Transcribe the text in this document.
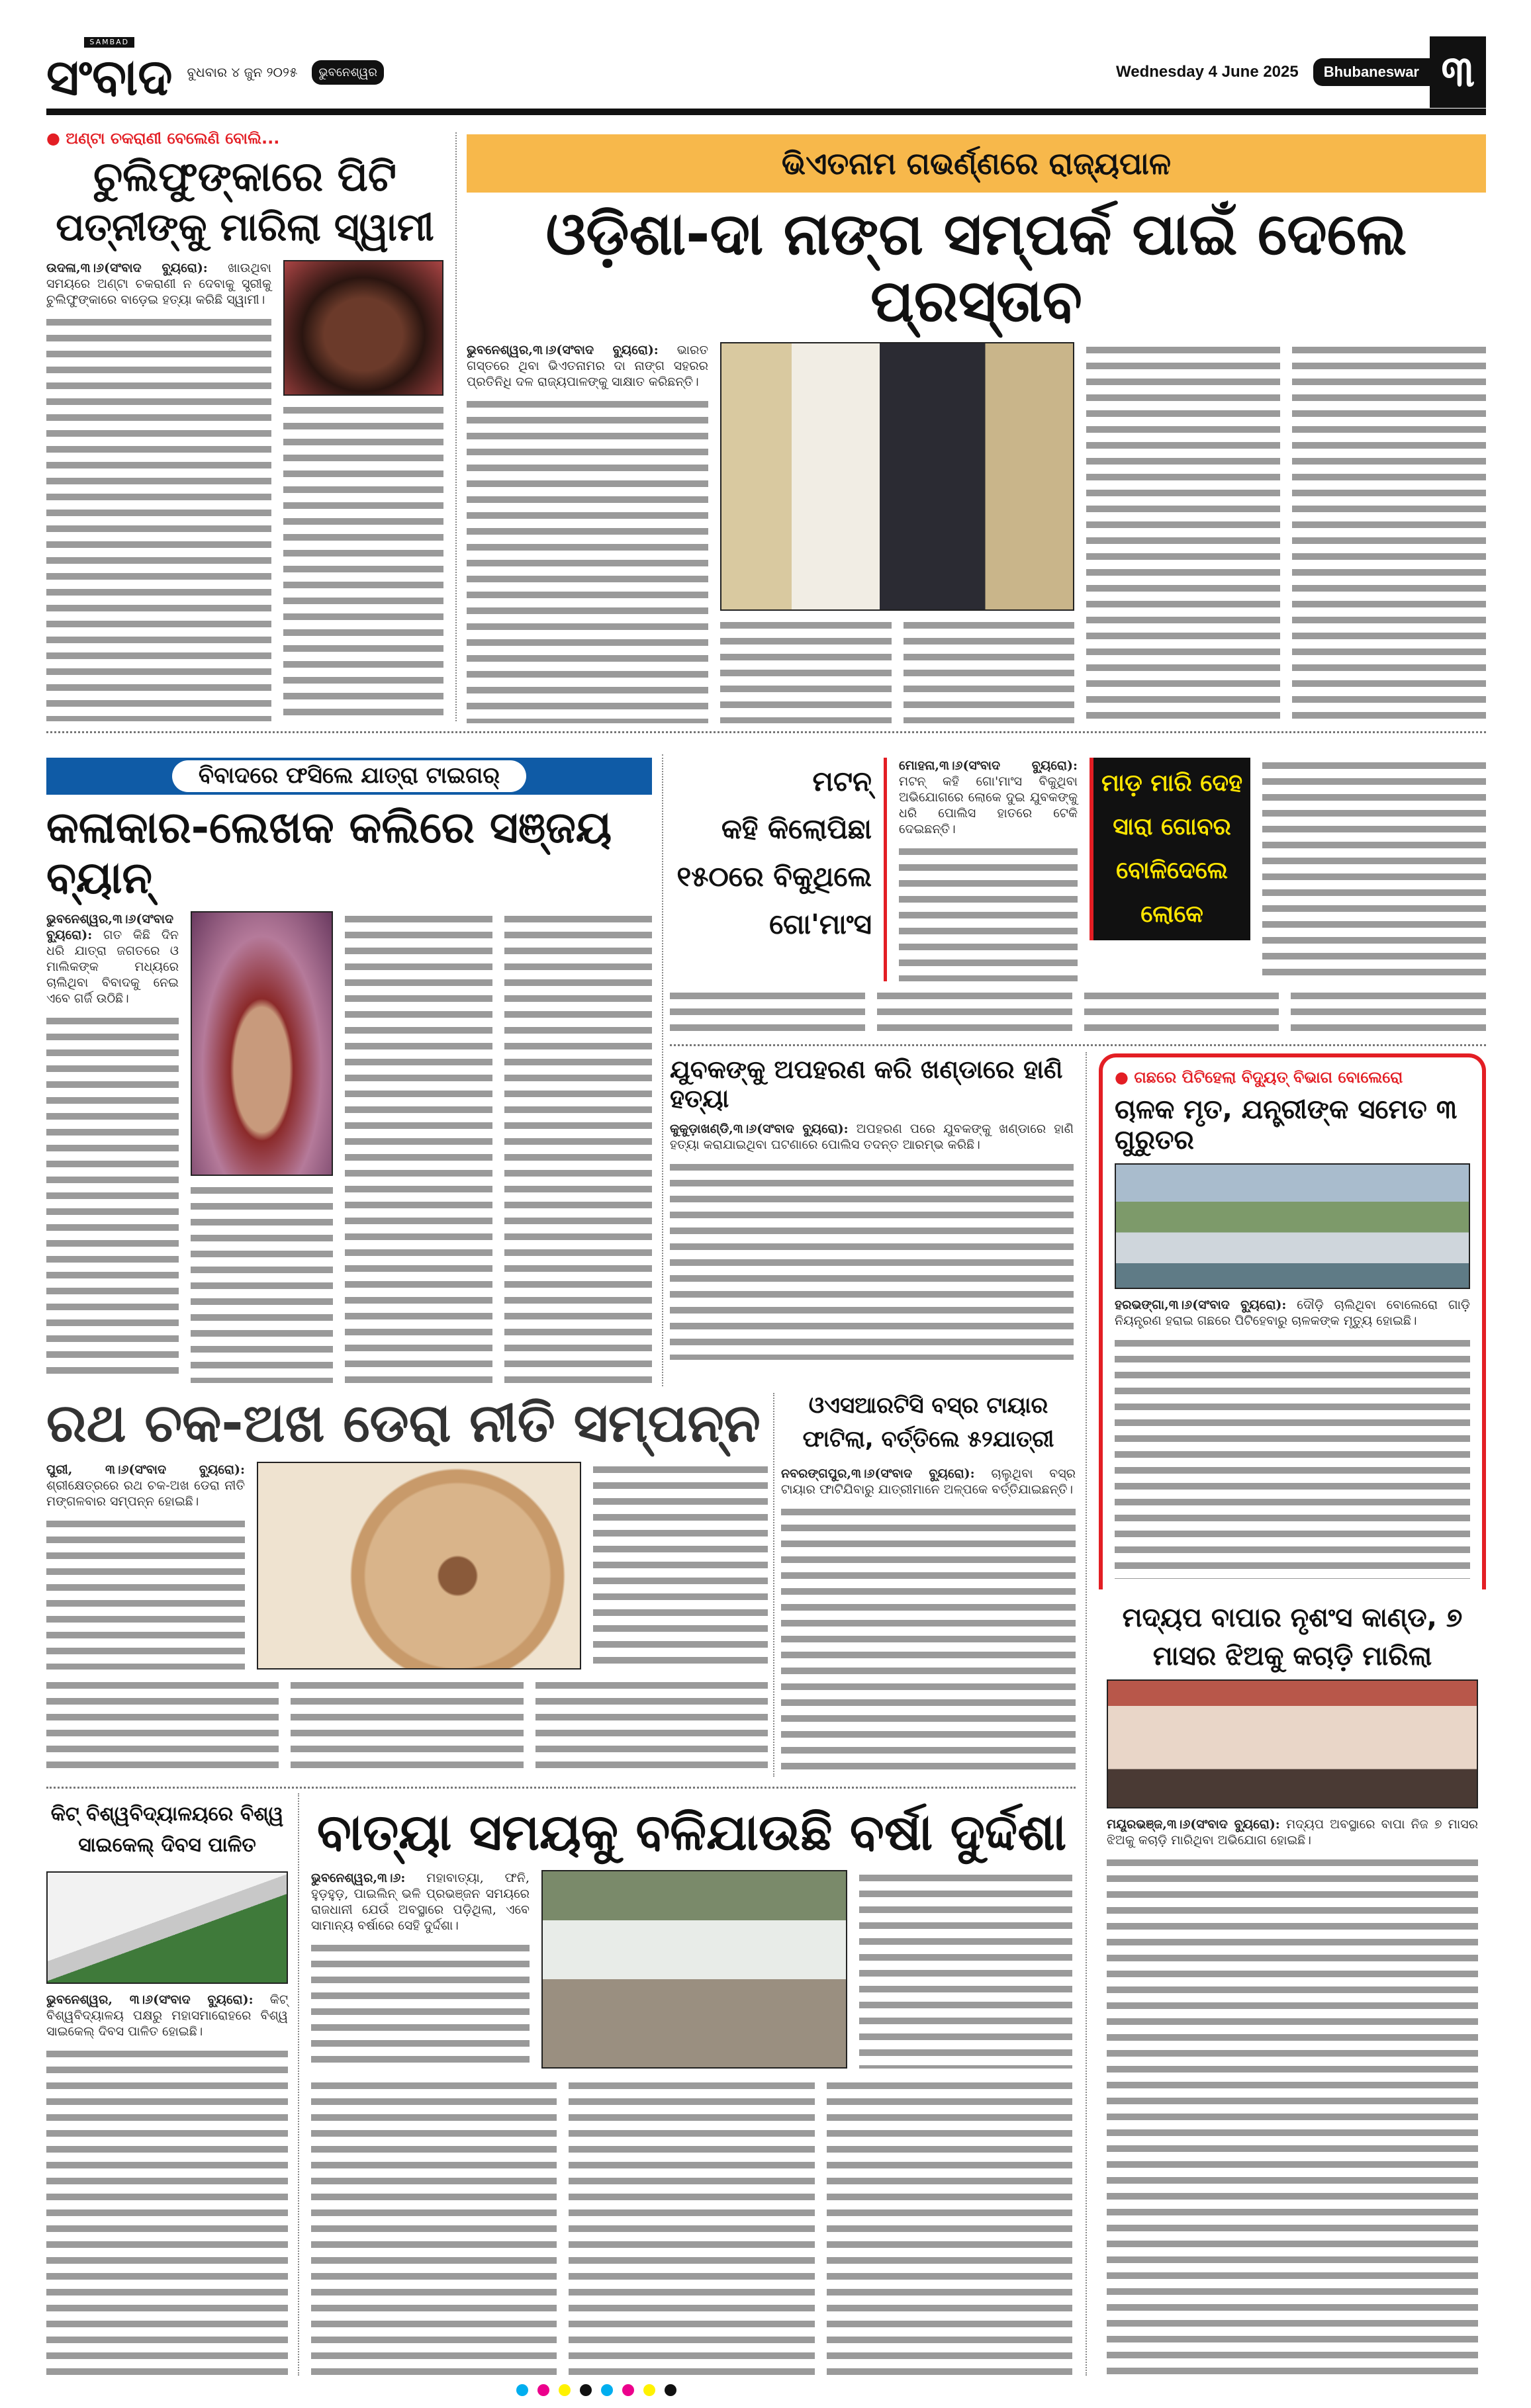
SAMBAD
ସଂବାଦ ବୁଧବାର ୪ ଜୁନ ୨୦୨୫	ଭୁବନେଶ୍ୱର	Wednesday 4 June 2025	Bhubaneswar ୩
● ଅଣ୍ଟା ଚକରାଣୀ ବେଲେଣି ବୋଲି...
ଚୁଲିଫୁଙ୍କାରେ ପିଟି
ପତ୍ନୀଙ୍କୁ ମାରିଲା ସ୍ୱାମୀ
ଉଦଳା,୩।୬(ସଂବାଦ ବ୍ୟୁରୋ): ଖାଉଥିବା ସମୟରେ ଅଣ୍ଟା ଚକରାଣୀ ନ ଦେବାକୁ ସ୍ତ୍ରୀକୁ ଚୁଲିଫୁଙ୍କାରେ ବାଡ଼େଇ ହତ୍ୟା କରିଛି ସ୍ୱାମୀ।
ଭିଏତନାମ ଗଭର୍ଣ୍ଣରେ ରାଜ୍ୟପାଳ
ଓଡ଼ିଶା-ଦା ନାଙ୍ଗ ସମ୍ପର୍କ ପାଇଁ ଦେଲେ ପ୍ରସ୍ତାବ
ଭୁବନେଶ୍ୱର,୩।୬(ସଂବାଦ ବ୍ୟୁରୋ): ଭାରତ ଗସ୍ତରେ ଥିବା ଭିଏତନାମର ଦା ନାଙ୍ଗ ସହରର ପ୍ରତିନିଧି ଦଳ ରାଜ୍ୟପାଳଙ୍କୁ ସାକ୍ଷାତ କରିଛନ୍ତି।
ବିବାଦରେ ଫସିଲେ ଯାତ୍ରା ଟାଇଗର୍
କଳାକାର-ଲେଖକ କଲିରେ ସଞ୍ଜୟ ବ୍ୟାନ୍
ଭୁବନେଶ୍ୱର,୩।୬(ସଂବାଦ ବ୍ୟୁରୋ): ଗତ କିଛି ଦିନ ଧରି ଯାତ୍ରା ଜଗତରେ ଓ ମାଲିକଙ୍କ ମଧ୍ୟରେ ଚାଲିଥିବା ବିବାଦକୁ ନେଇ ଏବେ ଗର୍ଜି ଉଠିଛି।
ମଟନ୍
କହି କିଲୋପିଛା
୧୫୦ରେ ବିକୁଥିଲେ
ଗୋ'ମାଂସ
ମୋହନା,୩।୬(ସଂବାଦ ବ୍ୟୁରୋ): ମଟନ୍ କହି ଗୋ'ମାଂସ ବିକୁଥିବା ଅଭିଯୋଗରେ ଲୋକେ ଦୁଇ ଯୁବକଙ୍କୁ ଧରି ପୋଲିସ ହାତରେ ଟେକି ଦେଇଛନ୍ତି।
ମାଡ଼ ମାରି ଦେହ
ସାରା ଗୋବର
ବୋଳିଦେଲେ
ଲୋକେ
ଯୁବକଙ୍କୁ ଅପହରଣ କରି ଖଣ୍ଡାରେ ହାଣି ହତ୍ୟା
କୁକୁଡ଼ାଖଣ୍ଡି,୩।୬(ସଂବାଦ ବ୍ୟୁରୋ): ଅପହରଣ ପରେ ଯୁବକଙ୍କୁ ଖଣ୍ଡାରେ ହାଣି ହତ୍ୟା କରାଯାଇଥିବା ଘଟଣାରେ ପୋଲିସ ତଦନ୍ତ ଆରମ୍ଭ କରିଛି।
● ଗଛରେ ପିଟିହେଲା ବିଦ୍ୟୁତ୍ ବିଭାଗ ବୋଲେରୋ
ଚାଳକ ମୃତ, ଯନ୍ତ୍ରୀଙ୍କ ସମେତ ୩ ଗୁରୁତର
ହରଭଙ୍ଗା,୩।୬(ସଂବାଦ ବ୍ୟୁରୋ): ଦୌଡ଼ି ଚାଲିଥିବା ବୋଲେରୋ ଗାଡ଼ି ନିୟନ୍ତ୍ରଣ ହରାଇ ଗଛରେ ପିଟିହେବାରୁ ଚାଳକଙ୍କ ମୃତ୍ୟୁ ହୋଇଛି।
ମଦ୍ୟପ ବାପାର ନୃଶଂସ କାଣ୍ଡ, ୭
ମାସର ଝିଅକୁ କଚାଡ଼ି ମାରିଲା
ମୟୂରଭଞ୍ଜ,୩।୬(ସଂବାଦ ବ୍ୟୁରୋ): ମଦ୍ୟପ ଅବସ୍ଥାରେ ବାପା ନିଜ ୭ ମାସର ଝିଅକୁ କଚାଡ଼ି ମାରିଥିବା ଅଭିଯୋଗ ହୋଇଛି।
ରଥ ଚକ-ଅଖ ଡେରା ନୀତି ସମ୍ପନ୍ନ
ପୁରୀ, ୩।୬(ସଂବାଦ ବ୍ୟୁରୋ): ଶ୍ରୀକ୍ଷେତ୍ରରେ ରଥ ଚକ-ଅଖ ଡେରା ନୀତି ମଙ୍ଗଳବାର ସମ୍ପନ୍ନ ହୋଇଛି।
ଓଏସଆରଟିସି ବସ୍‌ର ଟାୟାର
ଫାଟିଲା, ବର୍ତ୍ତିଲେ ୫୨ଯାତ୍ରୀ
ନବରଙ୍ଗପୁର,୩।୬(ସଂବାଦ ବ୍ୟୁରୋ): ଚାଲୁଥିବା ବସ୍‌ର ଟାୟାର ଫାଟିଯିବାରୁ ଯାତ୍ରୀମାନେ ଅଳ୍ପକେ ବର୍ତ୍ତିଯାଇଛନ୍ତି।
କିଟ୍ ବିଶ୍ୱବିଦ୍ୟାଳୟରେ ବିଶ୍ୱ
ସାଇକେଲ୍ ଦିବସ ପାଳିତ
ଭୁବନେଶ୍ୱର, ୩।୬(ସଂବାଦ ବ୍ୟୁରୋ): କିଟ୍ ବିଶ୍ୱବିଦ୍ୟାଳୟ ପକ୍ଷରୁ ମହାସମାରୋହରେ ବିଶ୍ୱ ସାଇକେଲ୍ ଦିବସ ପାଳିତ ହୋଇଛି।
ବାତ୍ୟା ସମୟକୁ ବଳିଯାଉଛି ବର୍ଷା ଦୁର୍ଦ୍ଦଶା
ଭୁବନେଶ୍ୱର,୩।୬: ମହାବାତ୍ୟା, ଫନି, ହୁଡ଼ହୁଡ଼, ପାଇଲିନ୍ ଭଳି ପ୍ରଭଞ୍ଜନ ସମୟରେ ରାଜଧାନୀ ଯେଉଁ ଅବସ୍ଥାରେ ପଡ଼ିଥିଲା, ଏବେ ସାମାନ୍ୟ ବର୍ଷାରେ ସେହି ଦୁର୍ଦ୍ଦଶା।
